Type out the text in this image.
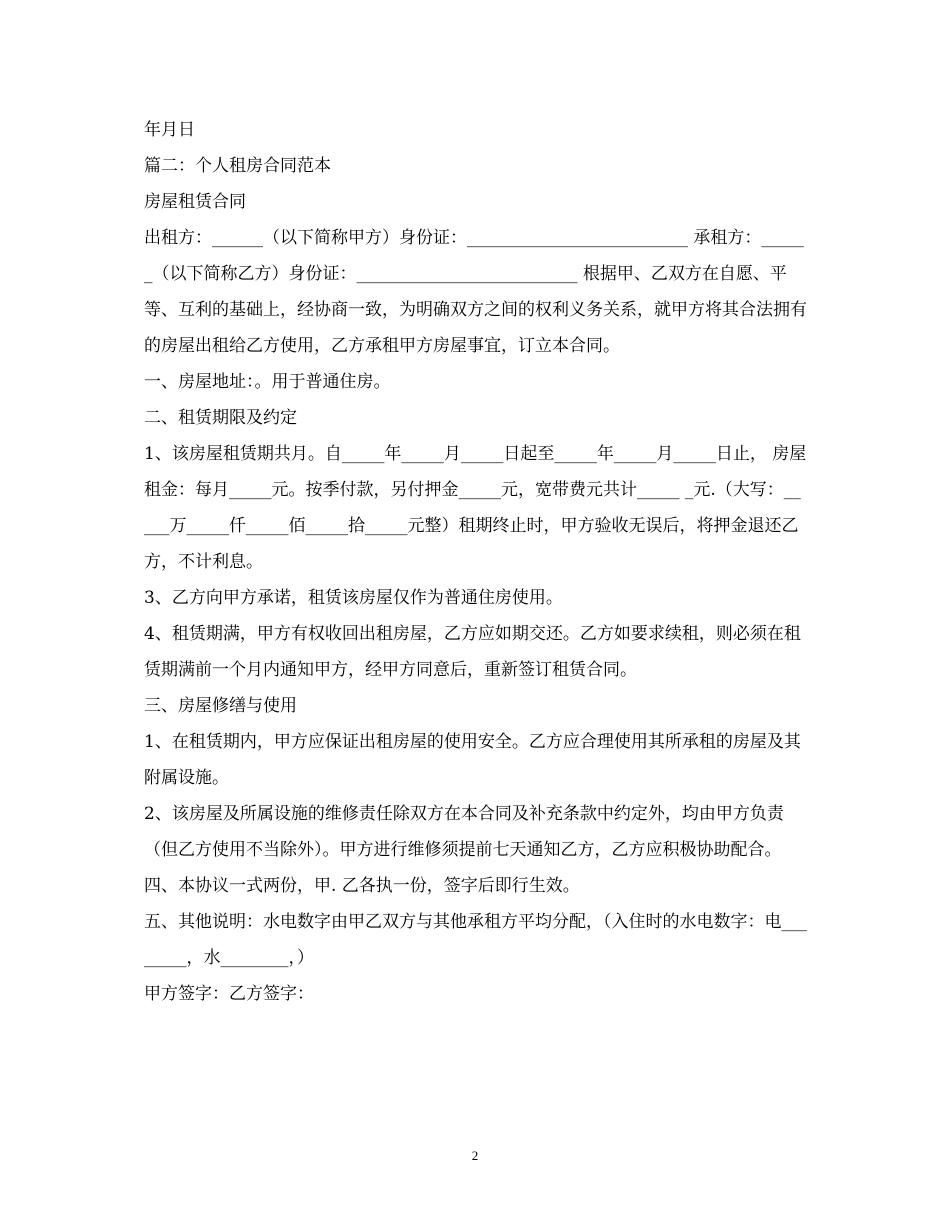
年月日

篇二：个人租房合同范本

房屋租赁合同

出租方：______（以下简称甲方）身份证：__________________________ 承租方：______（以下简称乙方）身份证：__________________________ 根据甲、乙双方在自愿、平等、互利的基础上，经协商一致，为明确双方之间的权利义务关系，就甲方将其合法拥有的房屋出租给乙方使用，乙方承租甲方房屋事宜，订立本合同。

一、房屋地址：。用于普通住房。

二、租赁期限及约定

1、该房屋租赁期共月。自_____年_____月_____日起至_____年_____月_____日止， 房屋租金：每月_____元。按季付款，另付押金_____元，宽带费元共计_____ _元.（大写：_____万_____仟_____佰_____拾_____元整）租期终止时，甲方验收无误后，将押金退还乙方，不计利息。

3、乙方向甲方承诺，租赁该房屋仅作为普通住房使用。

4、租赁期满，甲方有权收回出租房屋，乙方应如期交还。乙方如要求续租，则必须在租赁期满前一个月内通知甲方，经甲方同意后，重新签订租赁合同。

三、房屋修缮与使用

1、在租赁期内，甲方应保证出租房屋的使用安全。乙方应合理使用其所承租的房屋及其附属设施。

2、该房屋及所属设施的维修责任除双方在本合同及补充条款中约定外，均由甲方负责（但乙方使用不当除外）。甲方进行维修须提前七天通知乙方，乙方应积极协助配合。

四、本协议一式两份，甲. 乙各执一份，签字后即行生效。

五、其他说明：水电数字由甲乙双方与其他承租方平均分配，（入住时的水电数字：电________，水________，）

甲方签字：乙方签字：

2
